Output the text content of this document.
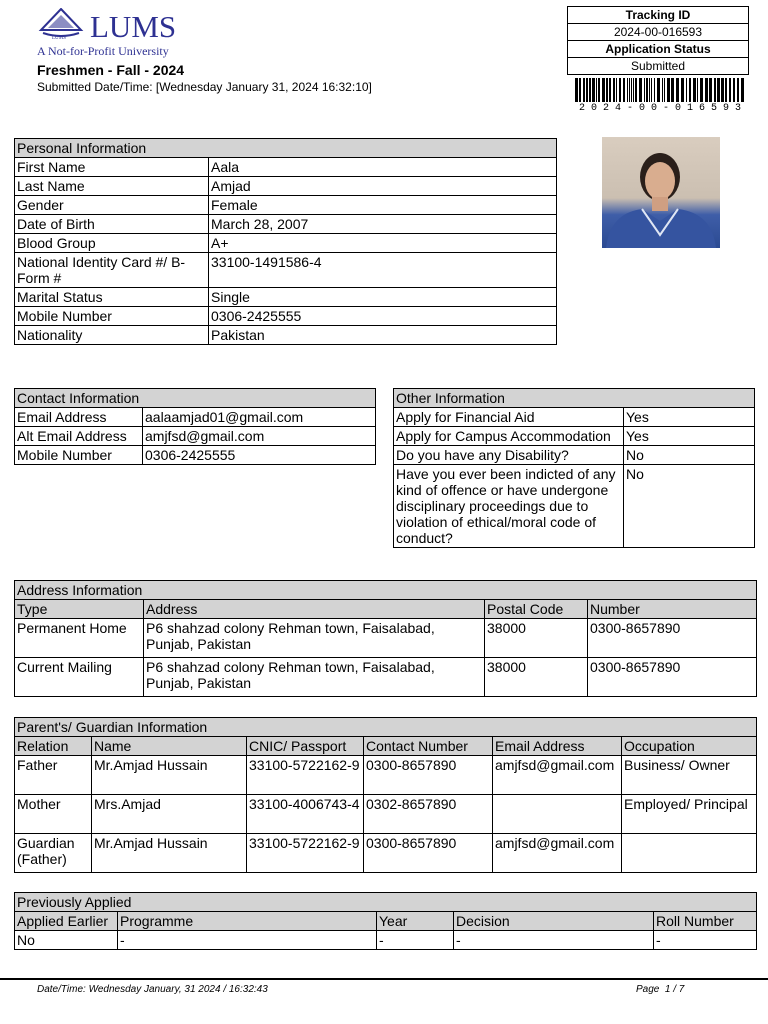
LUMS LUMS
A Not-for-Profit University
Freshmen - Fall - 2024
Submitted Date/Time: [Wednesday January 31, 2024 16:32:10]
Tracking ID
2024-00-016593
Application Status
Submitted
2 0 2 4 - 0 0 - 0 1 6 5 9 3
Personal Information	
First Name	Aala
Last Name	Amjad
Gender	Female
Date of Birth	March 28, 2007
Blood Group	A+
National Identity Card #/ B-Form #	33100-1491586-4
Marital Status	Single
Mobile Number	0306-2425555
Nationality	Pakistan
Contact Information	
Email Address	aalaamjad01@gmail.com
Alt Email Address	amjfsd@gmail.com
Mobile Number	0306-2425555
Other Information	
Apply for Financial Aid	Yes
Apply for Campus Accommodation	Yes
Do you have any Disability?	No
Have you ever been indicted of any kind of offence or have undergone disciplinary proceedings due to violation of ethical/moral code of conduct?	No
Address Information			
Type	Address	Postal Code	Number
Permanent Home	P6 shahzad colony Rehman town, Faisalabad, Punjab, Pakistan	38000	0300-8657890
Current Mailing	P6 shahzad colony Rehman town, Faisalabad, Punjab, Pakistan	38000	0300-8657890
Parent's/ Guardian Information					
Relation	Name	CNIC/ Passport	Contact Number	Email Address	Occupation
Father	Mr.Amjad Hussain	33100-5722162-9	0300-8657890	amjfsd@gmail.com	Business/ Owner
Mother	Mrs.Amjad	33100-4006743-4	0302-8657890		Employed/ Principal
Guardian (Father)	Mr.Amjad Hussain	33100-5722162-9	0300-8657890	amjfsd@gmail.com	
Previously Applied				
Applied Earlier	Programme	Year	Decision	Roll Number
No	-	-	-	-
Date/Time: Wednesday January, 31 2024 / 16:32:43	Page  1 / 7
